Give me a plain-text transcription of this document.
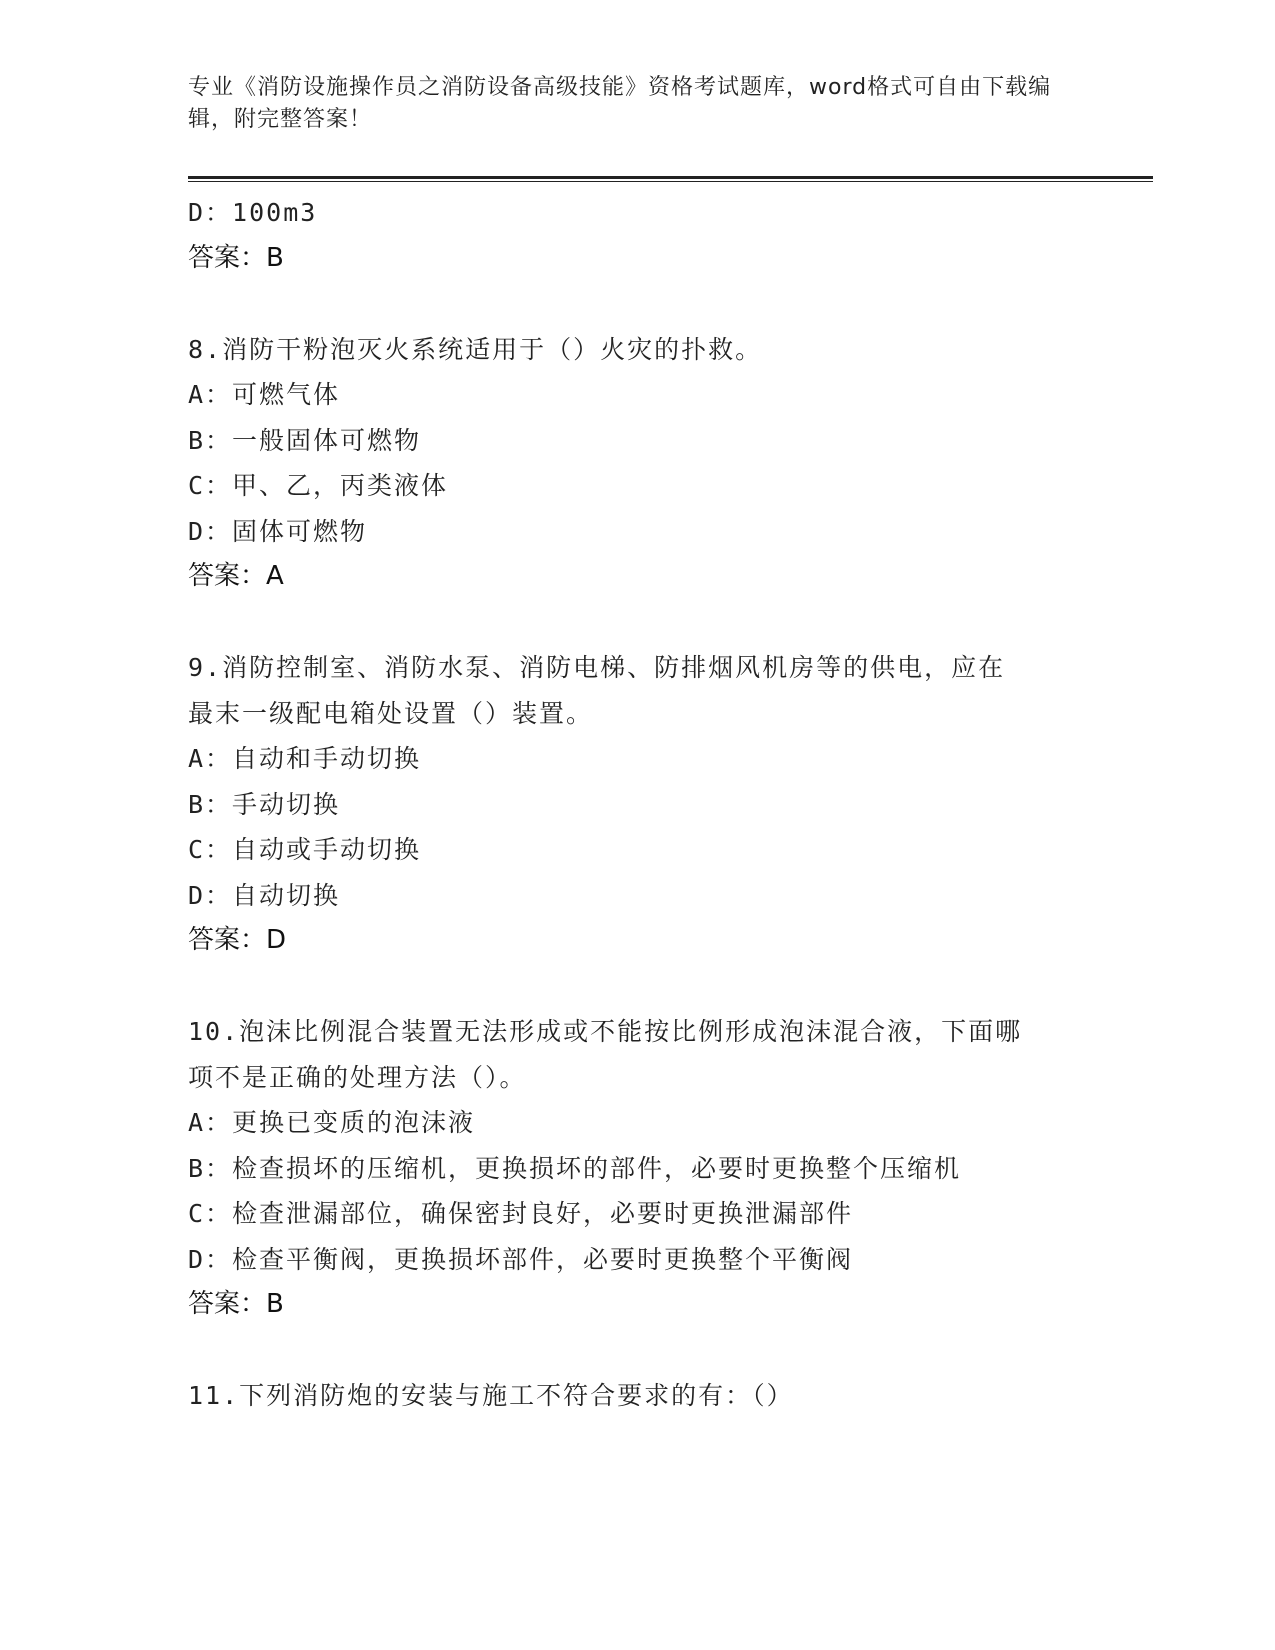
专业《消防设施操作员之消防设备高级技能》资格考试题库，word格式可自由下载编辑，附完整答案！
D：100m3
答案：B
8.消防干粉泡灭火系统适用于（）火灾的扑救。
A：可燃气体
B：一般固体可燃物
C：甲、乙，丙类液体
D：固体可燃物
答案：A
9.消防控制室、消防水泵、消防电梯、防排烟风机房等的供电，应在
最末一级配电箱处设置（）装置。
A：自动和手动切换
B：手动切换
C：自动或手动切换
D：自动切换
答案：D
10.泡沫比例混合装置无法形成或不能按比例形成泡沫混合液，下面哪
项不是正确的处理方法（）。
A：更换已变质的泡沫液
B：检查损坏的压缩机，更换损坏的部件，必要时更换整个压缩机
C：检查泄漏部位，确保密封良好，必要时更换泄漏部件
D：检查平衡阀，更换损坏部件，必要时更换整个平衡阀
答案：B
11.下列消防炮的安装与施工不符合要求的有：（）
